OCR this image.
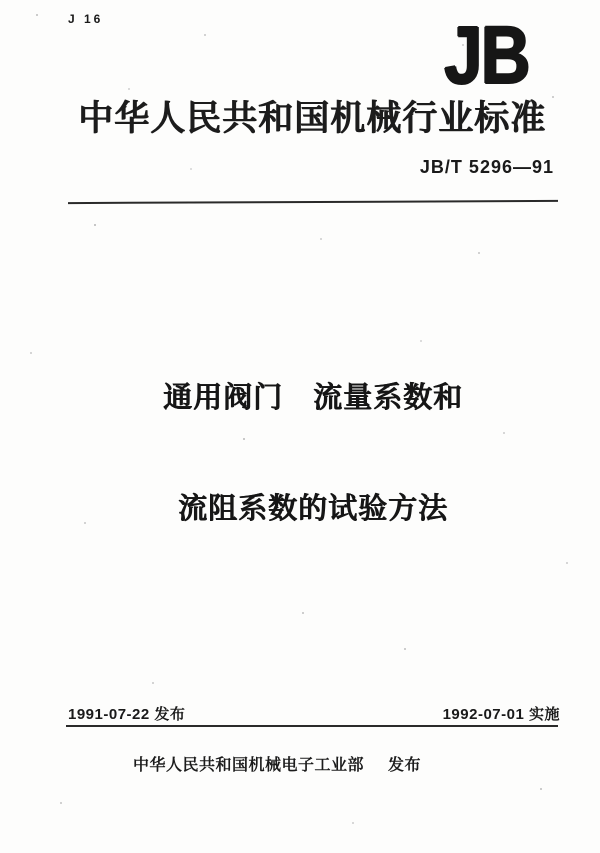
J 16	JB
中华人民共和国机械行业标准
JB/T 5296—91

通用阀门　流量系数和

流阻系数的试验方法

1991-07-22 发布	1992-07-01 实施
中华人民共和国机械电子工业部 发布
